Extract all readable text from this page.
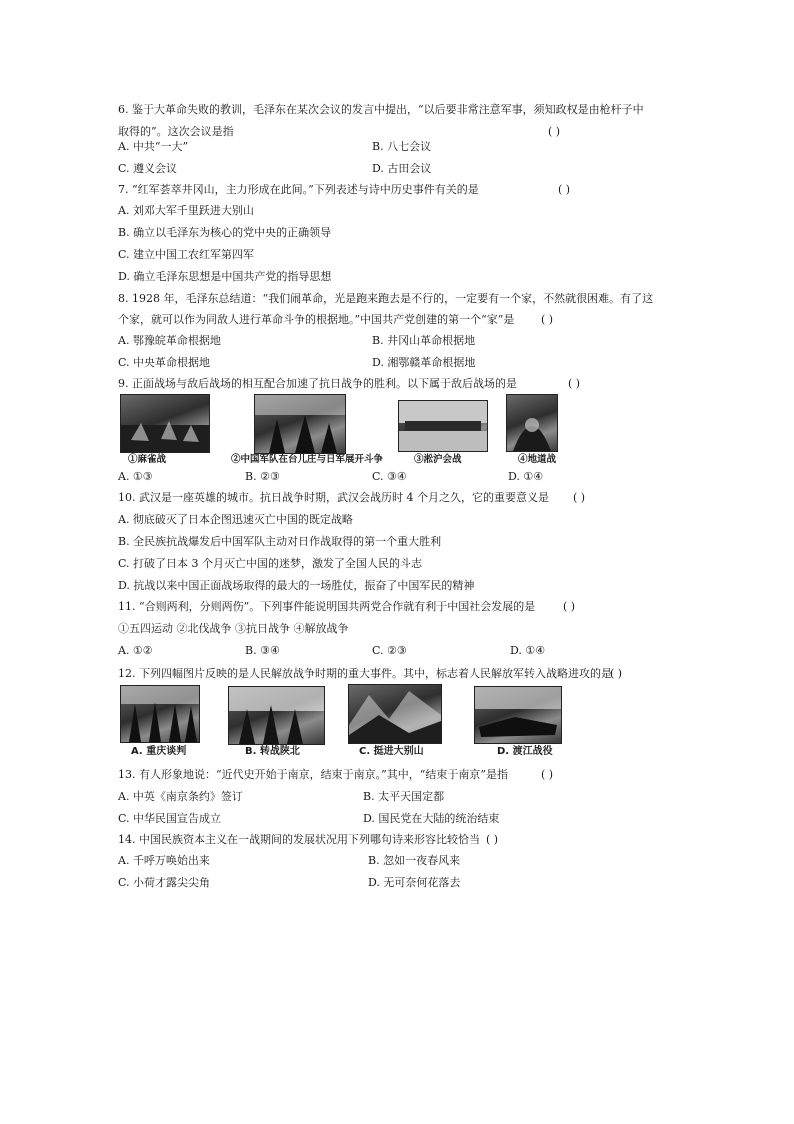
6. 鉴于大革命失败的教训，毛泽东在某次会议的发言中提出，“以后要非常注意军事，须知政权是由枪杆子中
取得的”。这次会议是指	( )
A. 中共“一大”	B. 八七会议
C. 遵义会议	D. 古田会议
7. “红军荟萃井冈山，主力形成在此间。”下列表述与诗中历史事件有关的是	( )
A. 刘邓大军千里跃进大别山
B. 确立以毛泽东为核心的党中央的正确领导
C. 建立中国工农红军第四军
D. 确立毛泽东思想是中国共产党的指导思想
8. 1928 年，毛泽东总结道：“我们闹革命，光是跑来跑去是不行的，一定要有一个家，不然就很困难。有了这
个家，就可以作为同敌人进行革命斗争的根据地。”中国共产党创建的第一个“家”是 ( )
A. 鄂豫皖革命根据地	B. 井冈山革命根据地
C. 中央革命根据地	D. 湘鄂赣革命根据地
9. 正面战场与敌后战场的相互配合加速了抗日战争的胜利。以下属于敌后战场的是	( )
①麻雀战	②中国军队在台儿庄与日军展开斗争	③淞沪会战	④地道战
A. ①③	B. ②③	C. ③④	D. ①④
10. 武汉是一座英雄的城市。抗日战争时期，武汉会战历时 4 个月之久，它的重要意义是 ( )
A. 彻底破灭了日本企图迅速灭亡中国的既定战略
B. 全民族抗战爆发后中国军队主动对日作战取得的第一个重大胜利
C. 打破了日本 3 个月灭亡中国的迷梦，激发了全国人民的斗志
D. 抗战以来中国正面战场取得的最大的一场胜仗，振奋了中国军民的精神
11. “合则两利，分则两伤”。下列事件能说明国共两党合作就有利于中国社会发展的是	( )
①五四运动 ②北伐战争 ③抗日战争 ④解放战争
A. ①②	B. ③④	C. ②③	D. ①④
12. 下列四幅图片反映的是人民解放战争时期的重大事件。其中，标志着人民解放军转入战略进攻的是
( )
A. 重庆谈判	B. 转战陕北	C. 挺进大别山	D. 渡江战役
13. 有人形象地说：“近代史开始于南京，结束于南京。”其中，“结束于南京”是指	( )
A. 中英《南京条约》签订	B. 太平天国定都
C. 中华民国宣告成立	D. 国民党在大陆的统治结束
14. 中国民族资本主义在一战期间的发展状况用下列哪句诗来形容比较恰当 ( )
A. 千呼万唤始出来	B. 忽如一夜春风来
C. 小荷才露尖尖角	D. 无可奈何花落去
